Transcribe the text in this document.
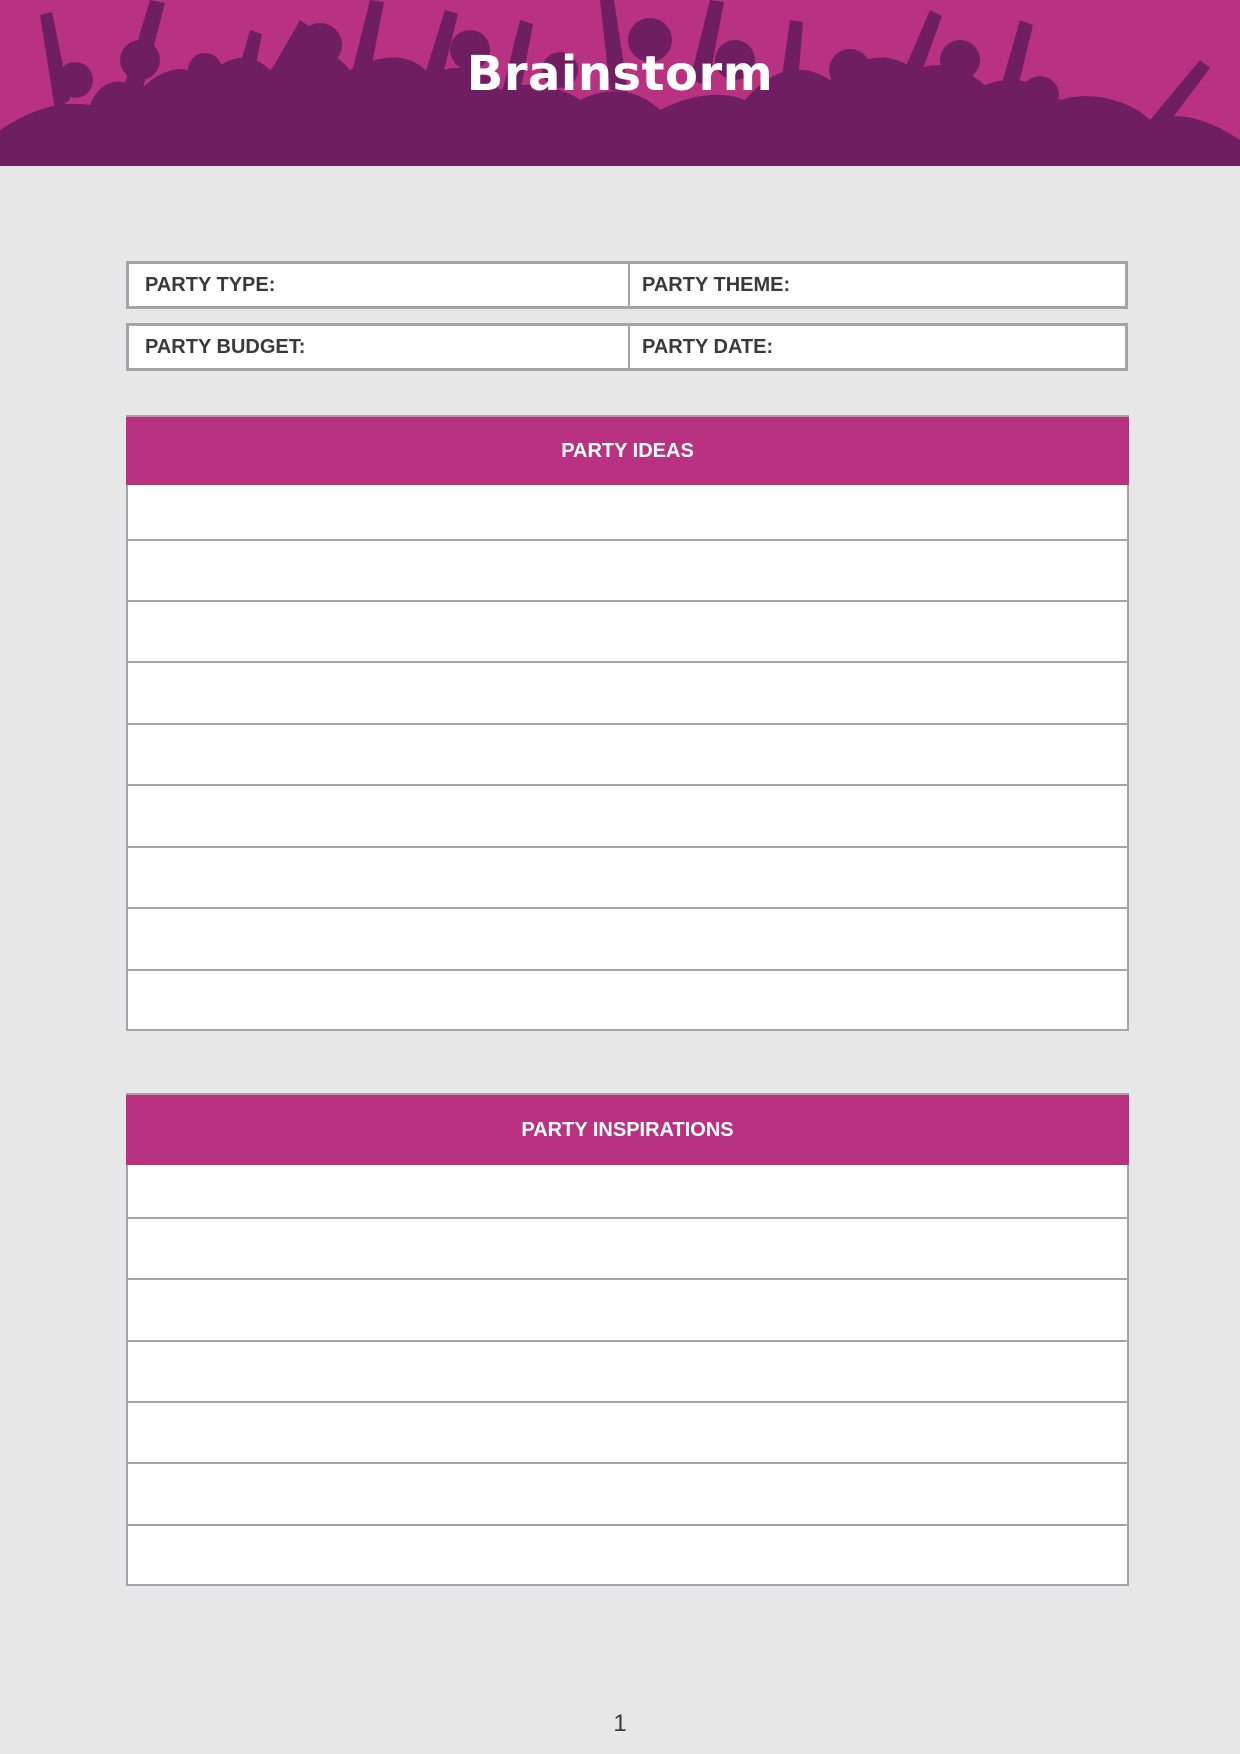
Brainstorm
PARTY TYPE:	PARTY THEME:
PARTY BUDGET:	PARTY DATE:
PARTY IDEAS
PARTY INSPIRATIONS
1
